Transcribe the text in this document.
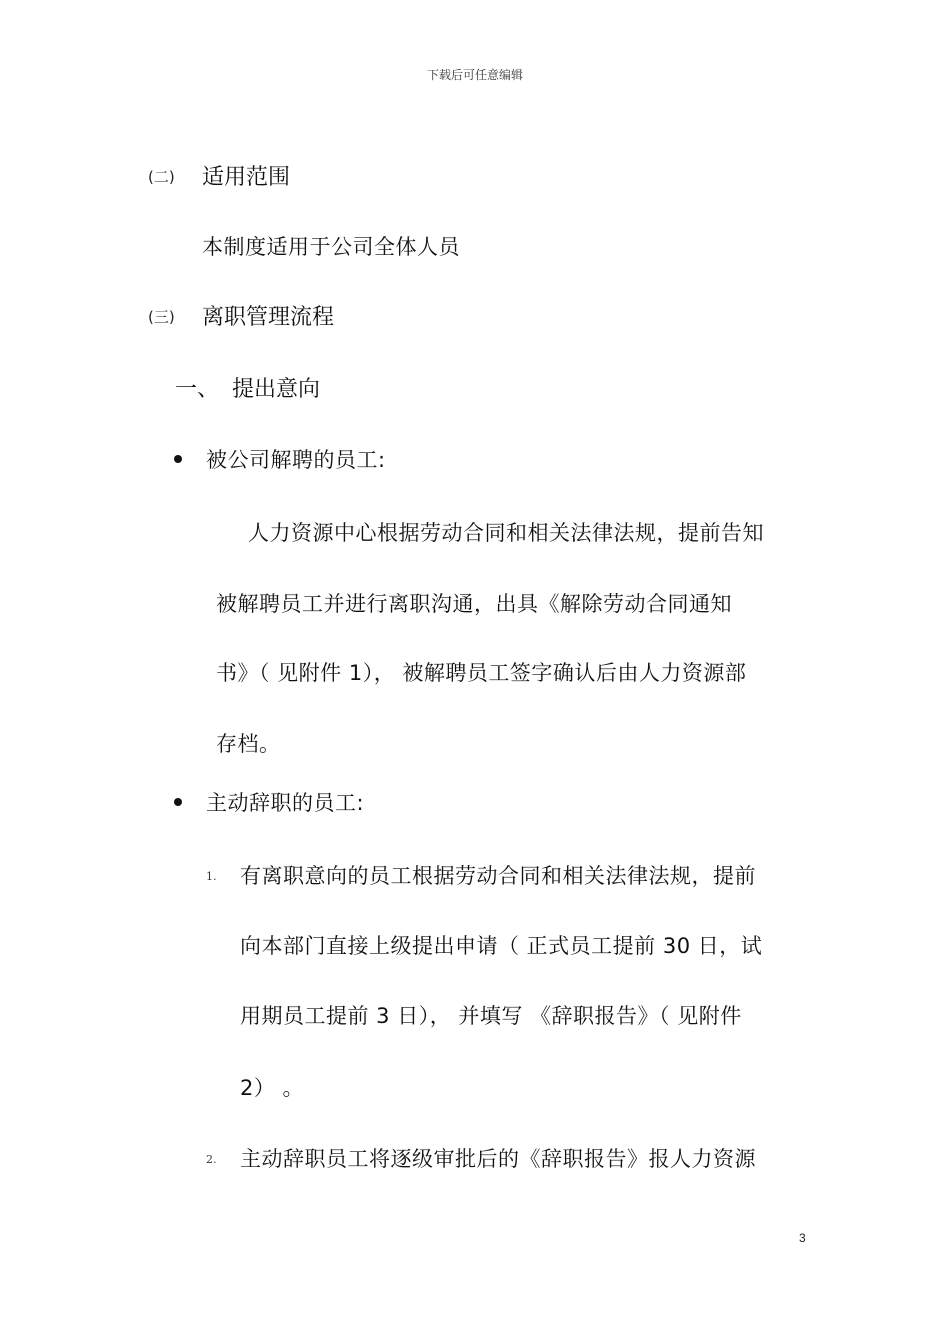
下载后可任意编辑
(二) 适用范围
本制度适用于公司全体人员
(三) 离职管理流程
一、 提出意向
被公司解聘的员工:
人力资源中心根据劳动合同和相关法律法规，提前告知
被解聘员工并进行离职沟通，出具《解除劳动合同通知
书》（ 见附件 1）， 被解聘员工签字确认后由人力资源部
存档。
主动辞职的员工:
1. 有离职意向的员工根据劳动合同和相关法律法规，提前
向本部门直接上级提出申请（ 正式员工提前 30 日，试
用期员工提前 3 日）， 并填写 《辞职报告》（ 见附件
2） 。
2. 主动辞职员工将逐级审批后的《辞职报告》报人力资源
3
